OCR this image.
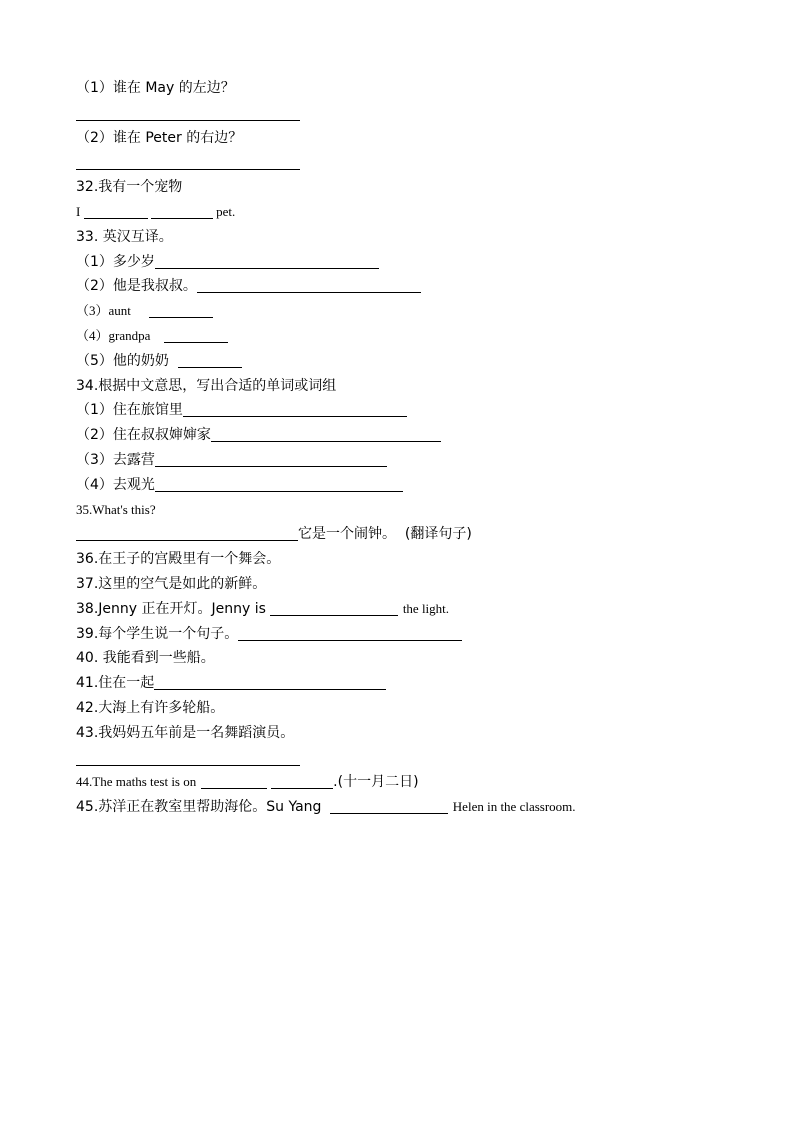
（1）谁在 May 的左边？
（2）谁在 Peter 的右边？
32.我有一个宠物
I	pet.
33. 英汉互译。
（1）多少岁
（2）他是我叔叔。
（3）aunt
（4）grandpa
（5）他的奶奶
34.根据中文意思，写出合适的单词或词组
（1）住在旅馆里
（2）住在叔叔婶婶家
（3）去露营
（4）去观光
35.What's this?
它是一个闹钟。 (翻译句子)
36.在王子的宫殿里有一个舞会。
37.这里的空气是如此的新鲜。
38.Jenny 正在开灯。Jenny is	the light.
39.每个学生说一个句子。
40. 我能看到一些船。
41.住在一起
42.大海上有许多轮船。
43.我妈妈五年前是一名舞蹈演员。
44.The maths test is on	.(十一月二日)
45.苏洋正在教室里帮助海伦。Su Yang	Helen in the classroom.
